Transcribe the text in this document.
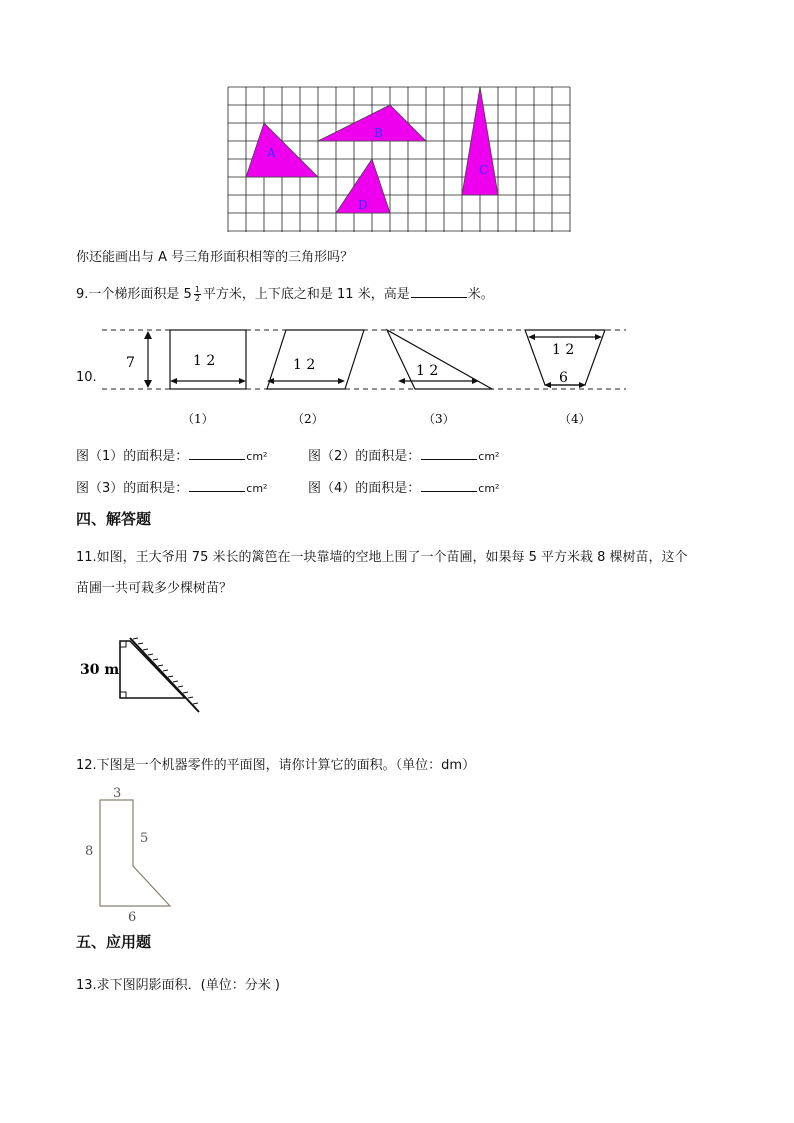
A
B
C
D
你还能画出与 A 号三角形面积相等的三角形吗？
9.一个梯形面积是 $5 \frac{1}{2}$ 平方米，上下底之和是 11 米，高是	米。
10.
7	1 2	1 2	1 2
1 2
6
（1）	（2）	（3）	（4）
图（1）的面积是：	cm²	图（2）的面积是：	cm²
图（3）的面积是：	cm²	图（4）的面积是：	cm²
四、解答题
11.如图，王大爷用 75 米长的篱笆在一块靠墙的空地上围了一个苗圃，如果每 5 平方米栽 8 棵树苗，这个
苗圃一共可栽多少棵树苗？
30 m
12.下图是一个机器零件的平面图，请你计算它的面积。（单位：dm）
3
8
5
6
五、应用题
13.求下图阴影面积．(单位：分米 )
